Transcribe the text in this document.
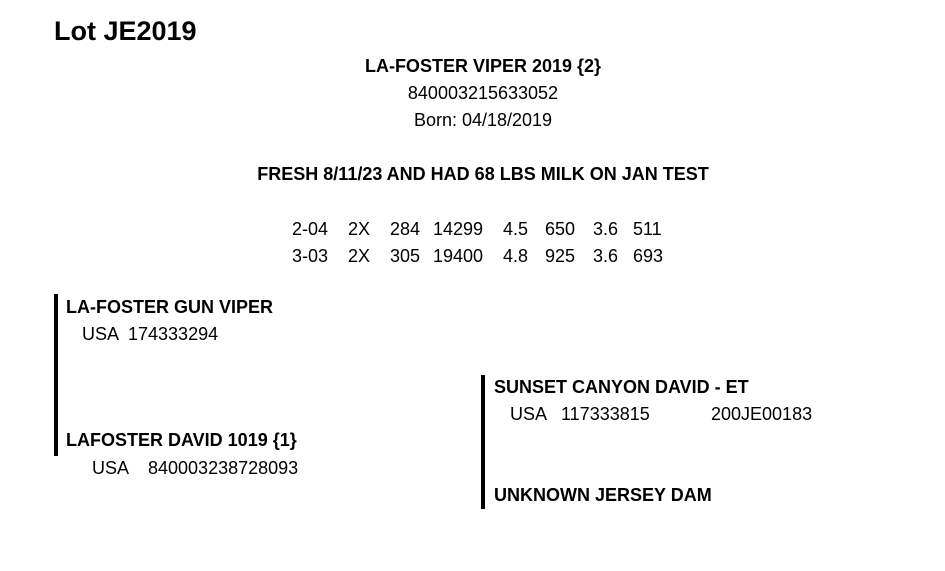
Lot JE2019
LA-FOSTER VIPER 2019 {2}
840003215633052
Born: 04/18/2019
FRESH 8/11/23 AND HAD 68 LBS MILK ON JAN TEST
2-04	2X	284 14299	4.5 650 3.6 511
3-03	2X	305 19400	4.8 925 3.6 693
LA-FOSTER GUN VIPER
USA 174333294
LAFOSTER DAVID 1019 {1}
USA 840003238728093
SUNSET CANYON DAVID - ET
USA 117333815	200JE00183
UNKNOWN JERSEY DAM
